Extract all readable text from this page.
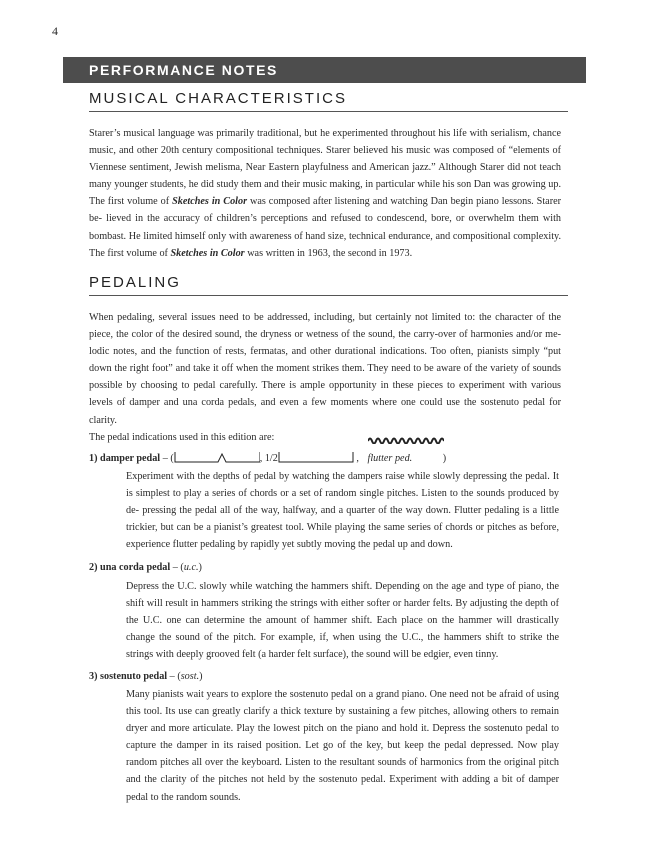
4
PERFORMANCE NOTES
MUSICAL CHARACTERISTICS

Starer’s musical language was primarily traditional, but he experimented throughout his life with serialism, chance music, and other 20th century compositional techniques. Starer believed his music was composed of “elements of Viennese sentiment, Jewish melisma, Near Eastern playfulness and American jazz.” Although Starer did not teach many younger students, he did study them and their music making, in particular while his son Dan was growing up. The first volume of Sketches in Color was composed after listening and watching Dan begin piano lessons. Starer be- lieved in the accuracy of children’s perceptions and refused to condescend, bore, or overwhelm them with bombast. He limited himself only with awareness of hand size, technical endurance, and compositional complexity. The first volume of Sketches in Color was written in 1963, the second in 1973.

PEDALING

When pedaling, several issues need to be addressed, including, but certainly not limited to: the character of the piece, the color of the desired sound, the dryness or wetness of the sound, the carry-over of harmonies and/or me- lodic notes, and the function of rests, fermatas, and other durational indications. Too often, pianists simply “put down the right foot” and take it off when the moment strikes them. They need to be aware of the variety of sounds possible by choosing to pedal carefully. There is ample opportunity in these pieces to experiment with various levels of damper and una corda pedals, and even a few moments where one could use the sostenuto pedal for clarity.

The pedal indications used in this edition are:
1) damper pedal – (	, 1/2	, flutter ped.	)

Experiment with the depths of pedal by watching the dampers raise while slowly depressing the pedal. It is simplest to play a series of chords or a set of random single pitches. Listen to the sounds produced by de- pressing the pedal all of the way, halfway, and a quarter of the way down. Flutter pedaling is a little trickier, but can be a pianist’s greatest tool. While playing the same series of chords or pitches as before, experience flutter pedaling by rapidly yet subtly moving the pedal up and down.

2) una corda pedal – (u.c.)

Depress the U.C. slowly while watching the hammers shift. Depending on the age and type of piano, the shift will result in hammers striking the strings with either softer or harder felts. By adjusting the depth of the U.C. one can determine the amount of hammer shift. Each place on the hammer will drastically change the sound of the pitch. For example, if, when using the U.C., the hammers shift to strike the strings with deeply grooved felt (a harder felt surface), the sound will be edgier, even tinny.

3) sostenuto pedal – (sost.)

Many pianists wait years to explore the sostenuto pedal on a grand piano. One need not be afraid of using this tool. Its use can greatly clarify a thick texture by sustaining a few pitches, allowing others to remain dryer and more articulate. Play the lowest pitch on the piano and hold it. Depress the sostenuto pedal to capture the damper in its raised position. Let go of the key, but keep the pedal depressed. Now play random pitches all over the keyboard. Listen to the resultant sounds of harmonics from the original pitch and the clarity of the pitches not held by the sostenuto pedal. Experiment with adding a bit of damper pedal to the random sounds.
